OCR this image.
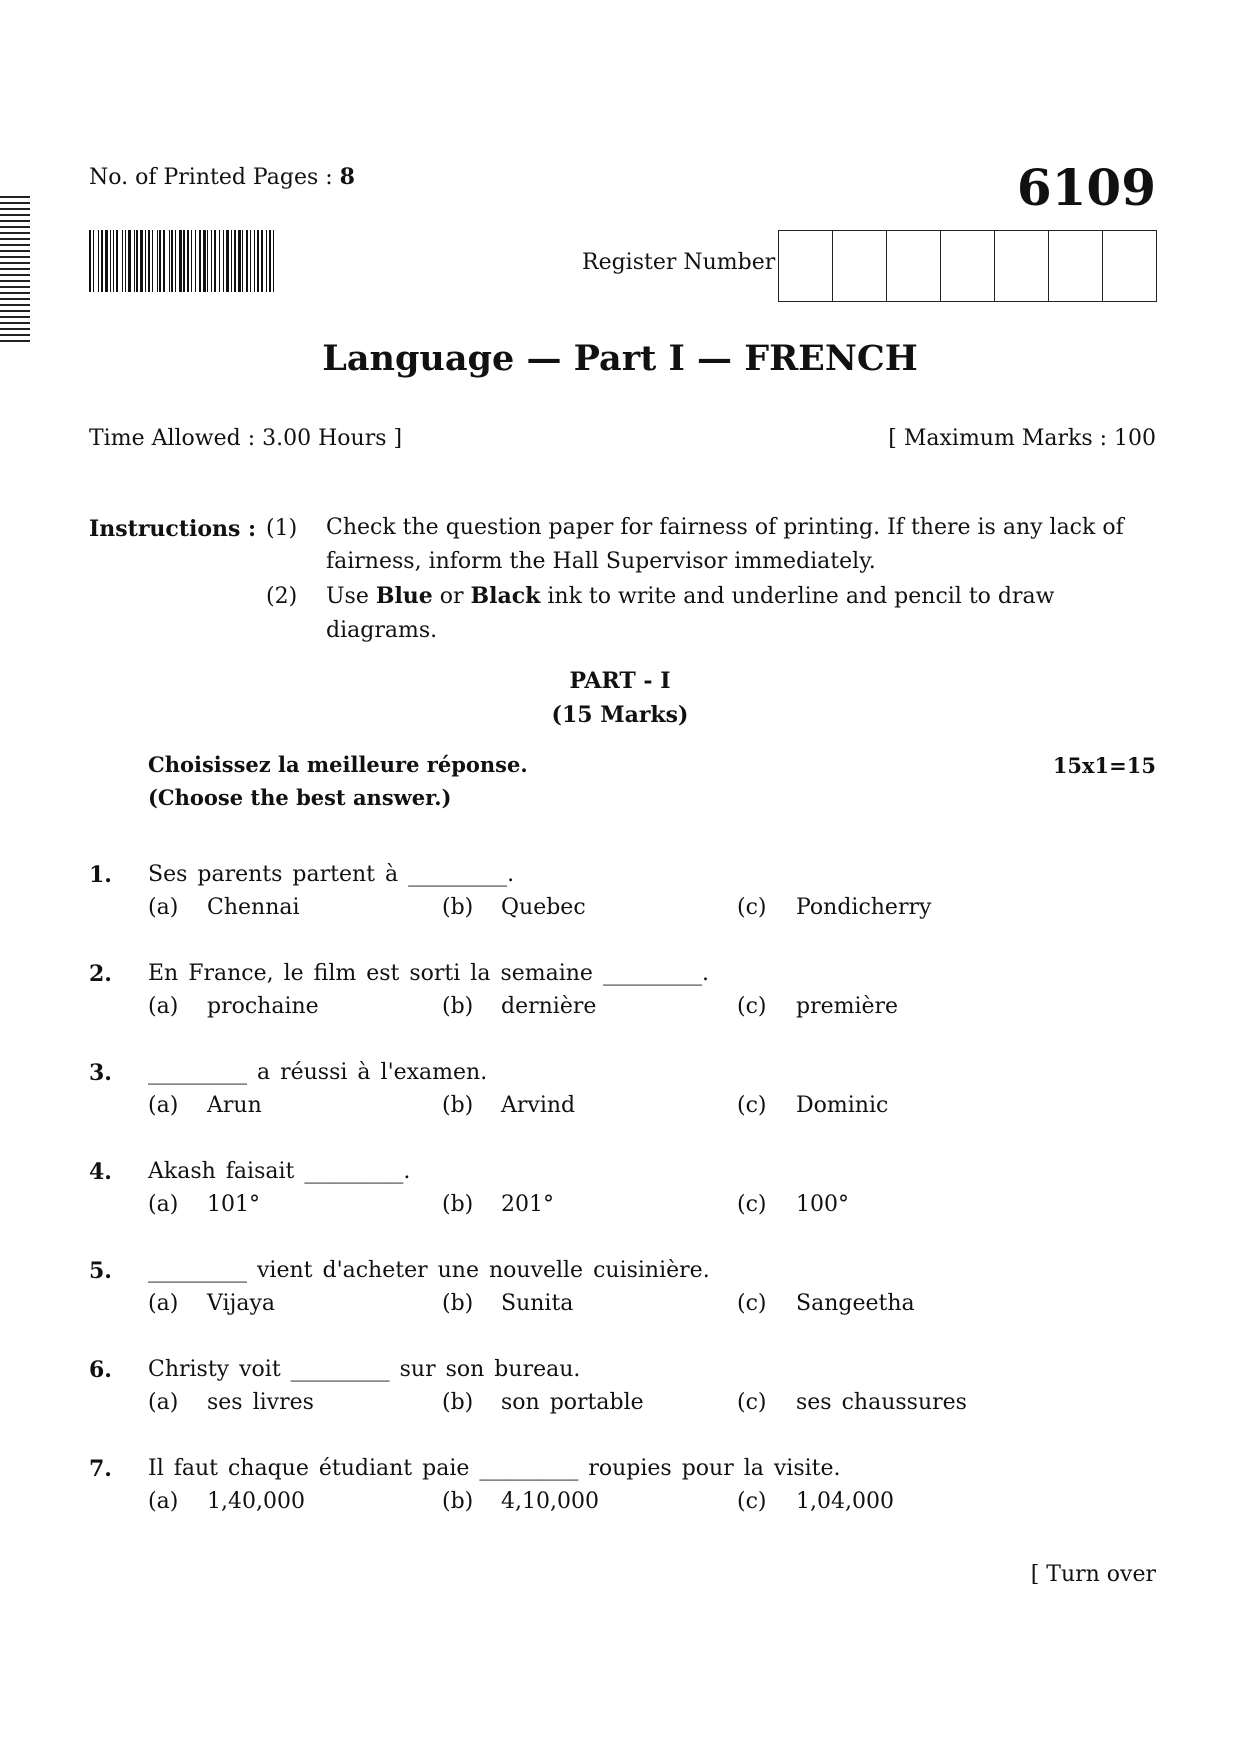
No. of Printed Pages : 8	6109
Register Number
Language — Part I — FRENCH
Time Allowed : 3.00 Hours ]	[ Maximum Marks : 100
Instructions : (1) Check the question paper for fairness of printing. If there is any lack of
fairness, inform the Hall Supervisor immediately.
(2) Use Blue or Black ink to write and underline and pencil to draw
diagrams.
PART - I
(15 Marks)
Choisissez la meilleure réponse.
(Choose the best answer.)
15x1=15
1. Ses parents partent à _________.
(a) Chennai	(b) Quebec	(c) Pondicherry
2. En France, le film est sorti la semaine _________.
(a) prochaine	(b) dernière	(c) première
3. _________ a réussi à l'examen.
(a) Arun	(b) Arvind	(c) Dominic
4. Akash faisait _________.
(a) 101°	(b) 201°	(c) 100°
5. _________ vient d'acheter une nouvelle cuisinière.
(a) Vijaya	(b) Sunita	(c) Sangeetha
6. Christy voit _________ sur son bureau.
(a) ses livres	(b) son portable	(c) ses chaussures
7. Il faut chaque étudiant paie _________ roupies pour la visite.
(a) 1,40,000	(b) 4,10,000	(c) 1,04,000
[ Turn over
